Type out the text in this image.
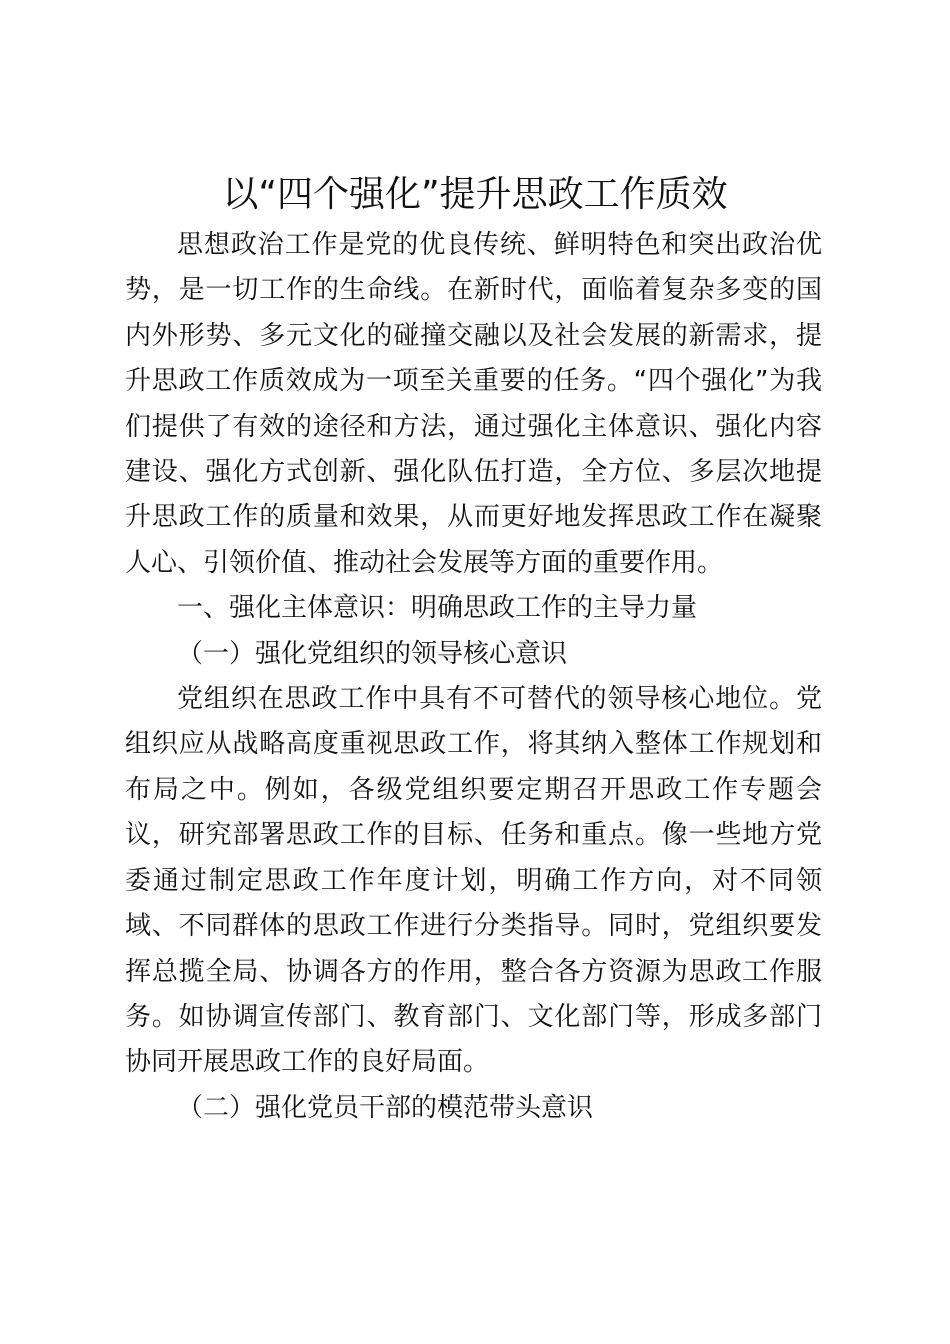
以“四个强化”提升思政工作质效

思想政治工作是党的优良传统、鲜明特色和突出政治优势，是一切工作的生命线。在新时代，面临着复杂多变的国内外形势、多元文化的碰撞交融以及社会发展的新需求，提升思政工作质效成为一项至关重要的任务。“四个强化”为我们提供了有效的途径和方法，通过强化主体意识、强化内容建设、强化方式创新、强化队伍打造，全方位、多层次地提升思政工作的质量和效果，从而更好地发挥思政工作在凝聚人心、引领价值、推动社会发展等方面的重要作用。

一、强化主体意识：明确思政工作的主导力量

（一）强化党组织的领导核心意识

党组织在思政工作中具有不可替代的领导核心地位。党组织应从战略高度重视思政工作，将其纳入整体工作规划和布局之中。例如，各级党组织要定期召开思政工作专题会议，研究部署思政工作的目标、任务和重点。像一些地方党委通过制定思政工作年度计划，明确工作方向，对不同领域、不同群体的思政工作进行分类指导。同时，党组织要发挥总揽全局、协调各方的作用，整合各方资源为思政工作服务。如协调宣传部门、教育部门、文化部门等，形成多部门协同开展思政工作的良好局面。

（二）强化党员干部的模范带头意识
